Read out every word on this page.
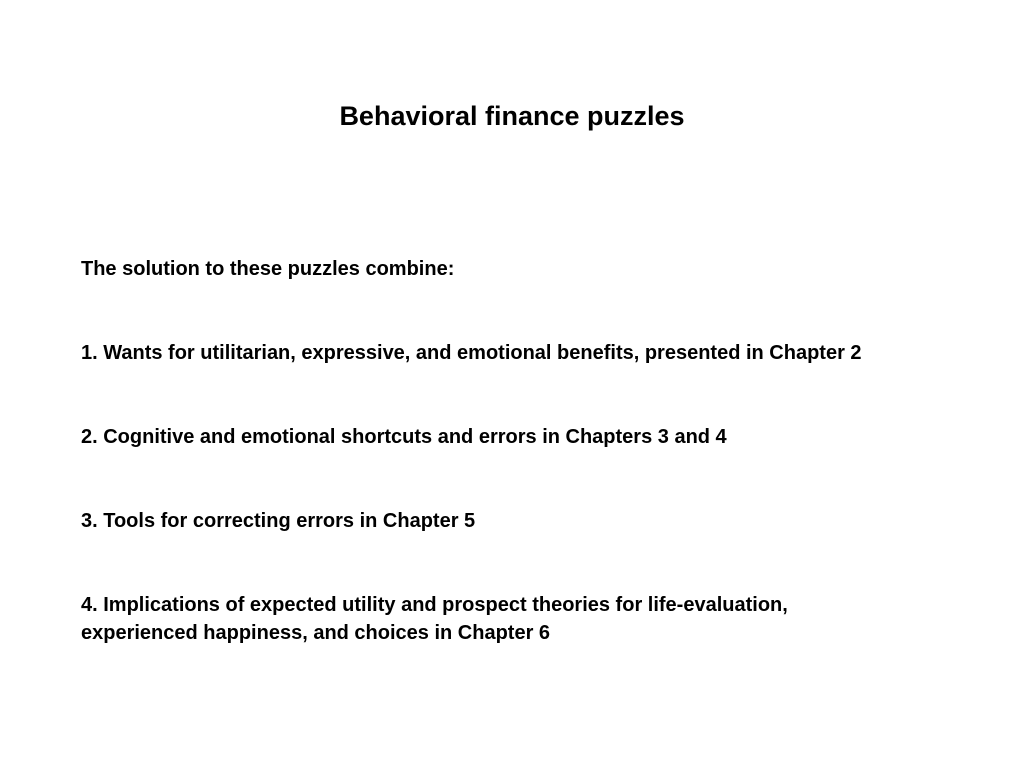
Behavioral finance puzzles

The solution to these puzzles combine:

1. Wants for utilitarian, expressive, and emotional benefits, presented in Chapter 2
2. Cognitive and emotional shortcuts and errors in Chapters 3 and 4
3. Tools for correcting errors in Chapter 5
4. Implications of expected utility and prospect theories for life-evaluation, experienced happiness, and choices in Chapter 6
